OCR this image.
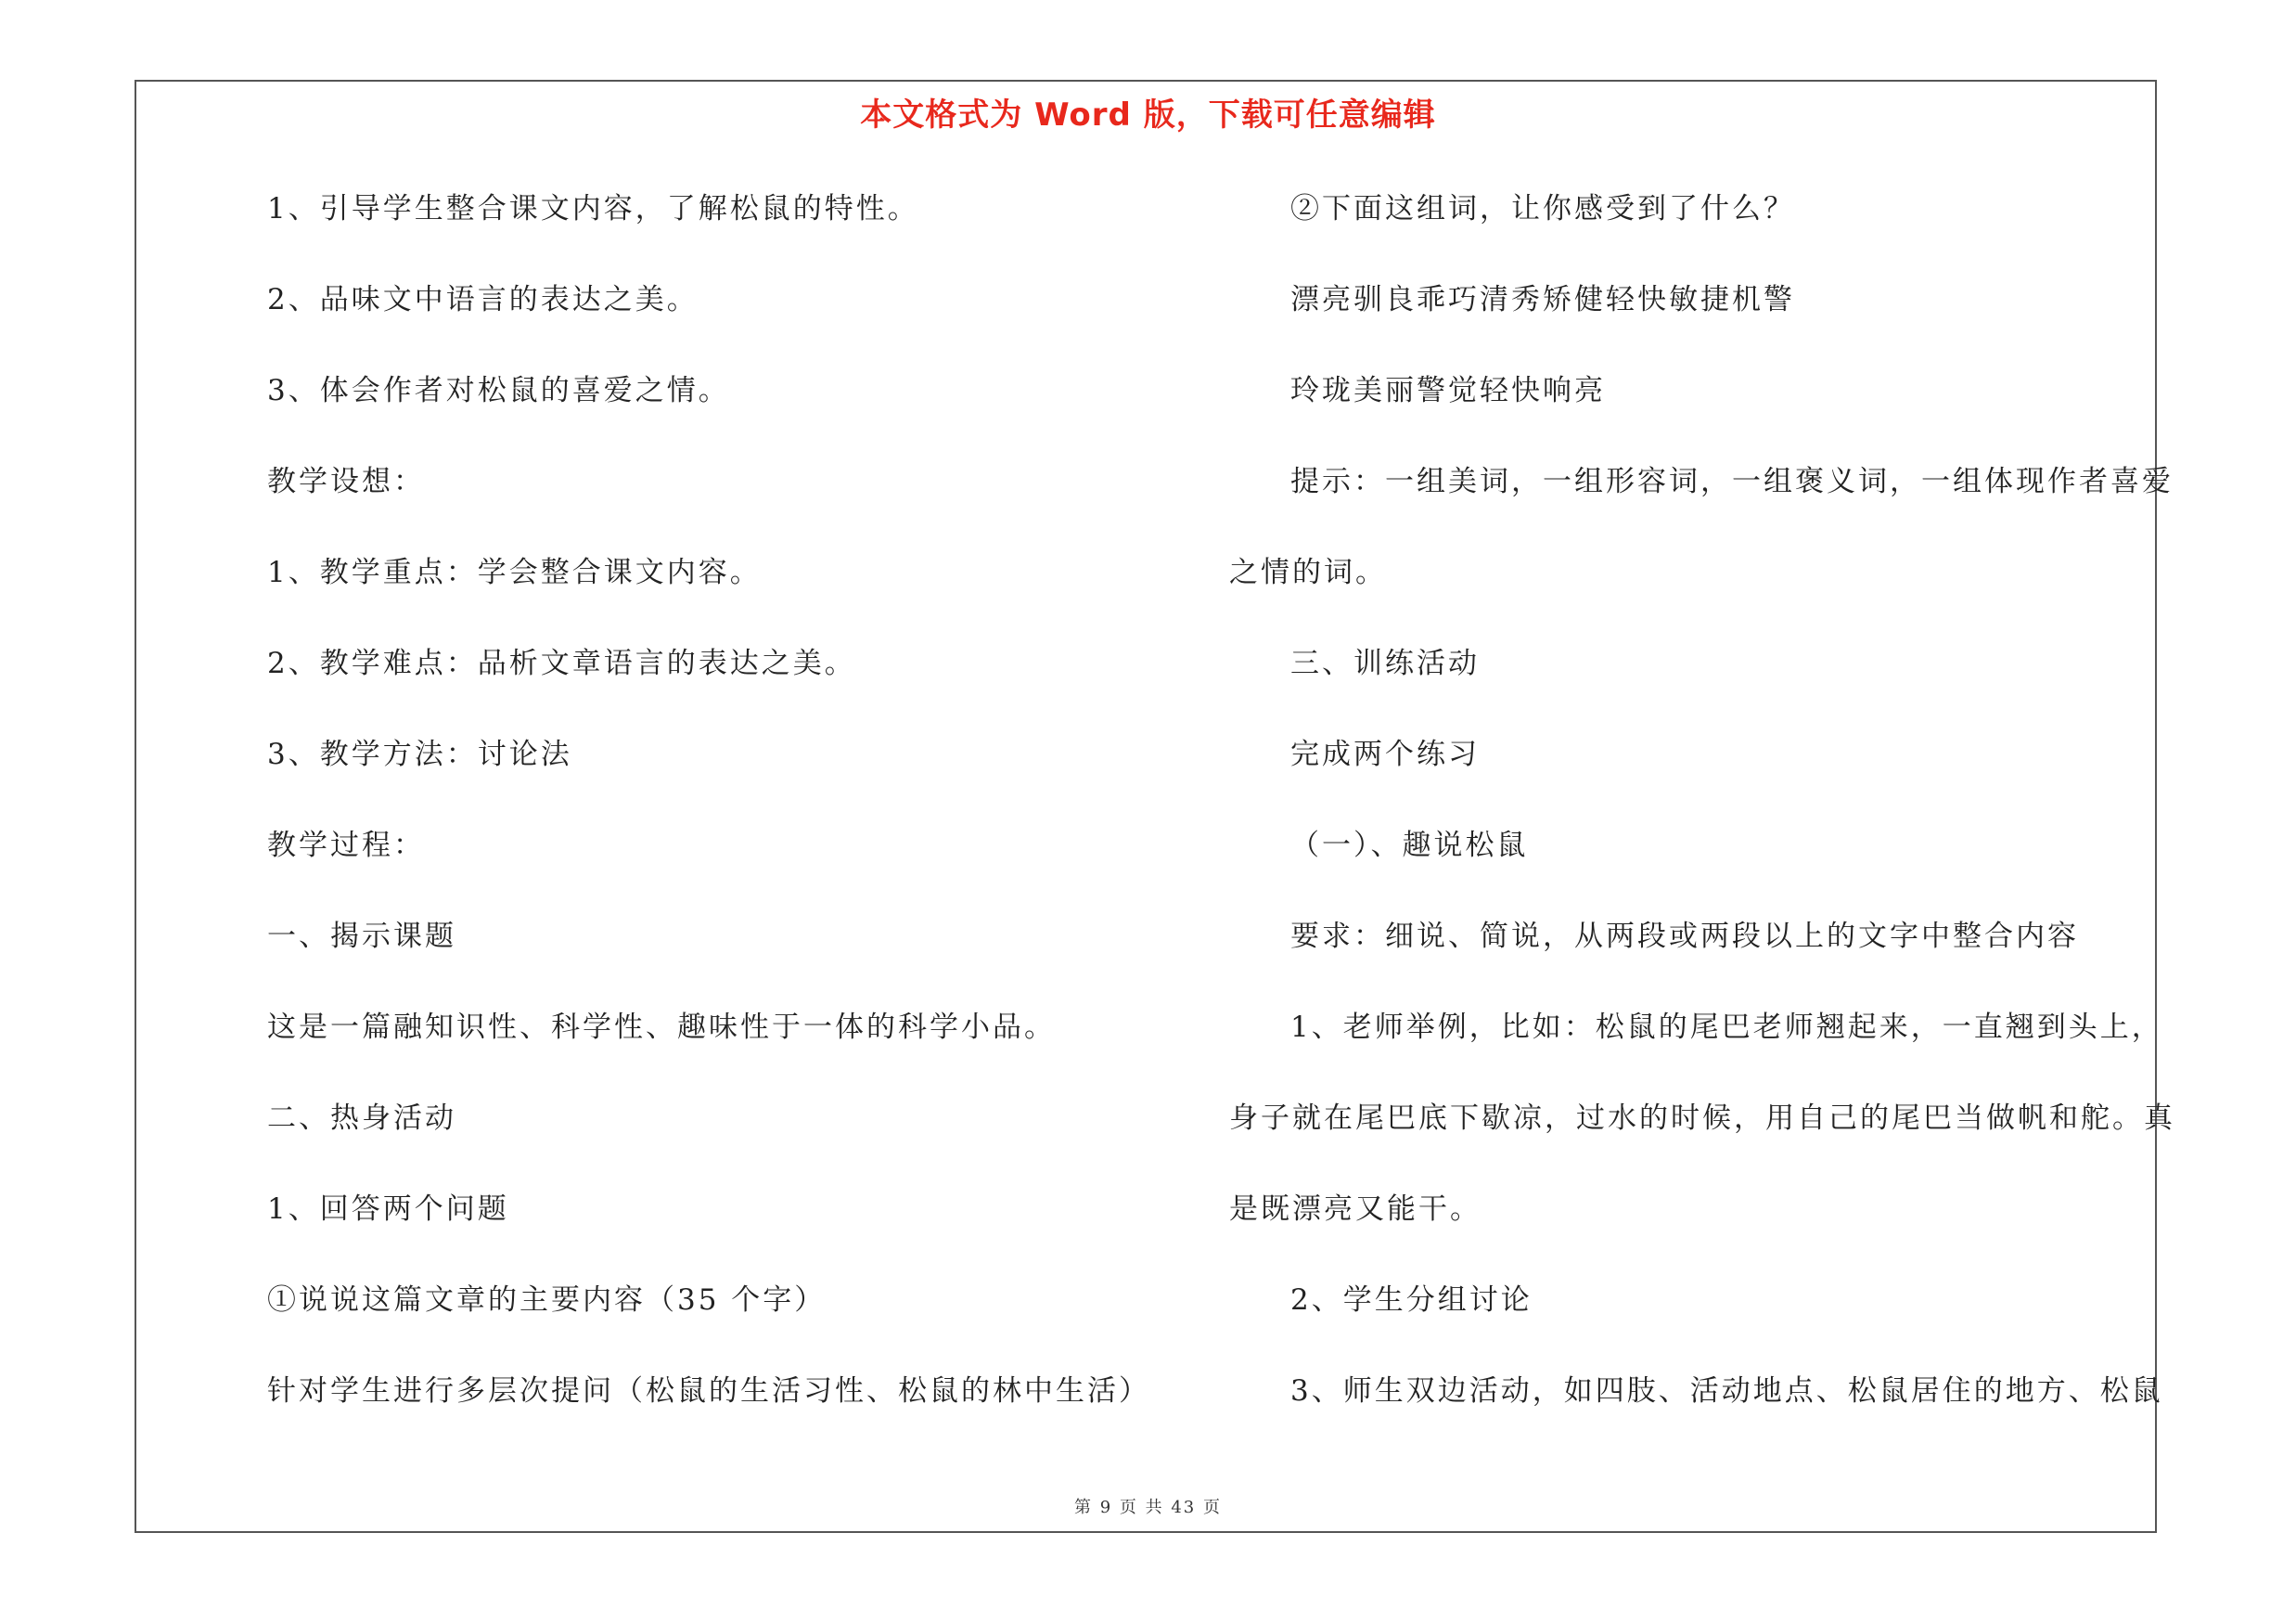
本文格式为 Word 版，下载可任意编辑
1、引导学生整合课文内容，了解松鼠的特性。
2、品味文中语言的表达之美。
3、体会作者对松鼠的喜爱之情。
教学设想：
1、教学重点：学会整合课文内容。
2、教学难点：品析文章语言的表达之美。
3、教学方法：讨论法
教学过程：
一、揭示课题
这是一篇融知识性、科学性、趣味性于一体的科学小品。
二、热身活动
1、回答两个问题
①说说这篇文章的主要内容（35 个字）
针对学生进行多层次提问（松鼠的生活习性、松鼠的林中生活）
②下面这组词，让你感受到了什么？
漂亮驯良乖巧清秀矫健轻快敏捷机警
玲珑美丽警觉轻快响亮
提示：一组美词，一组形容词，一组褒义词，一组体现作者喜爱
之情的词。
三、训练活动
完成两个练习
（一）、趣说松鼠
要求：细说、简说，从两段或两段以上的文字中整合内容
1、老师举例，比如：松鼠的尾巴老师翘起来，一直翘到头上，
身子就在尾巴底下歇凉，过水的时候，用自己的尾巴当做帆和舵。真
是既漂亮又能干。
2、学生分组讨论
3、师生双边活动，如四肢、活动地点、松鼠居住的地方、松鼠
第 9 页 共 43 页
